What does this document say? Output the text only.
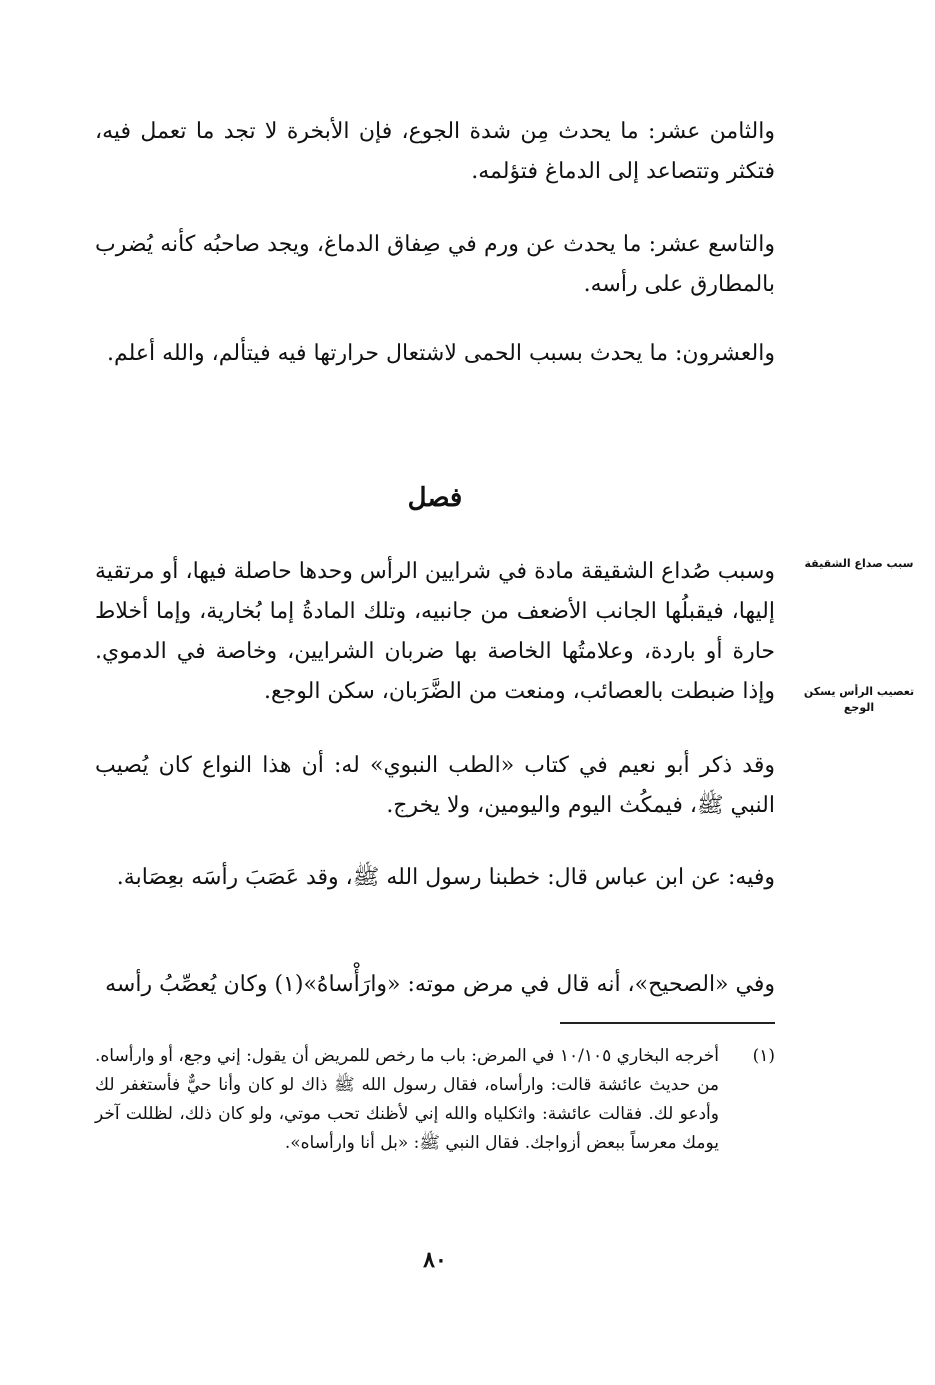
والثامن عشر: ما يحدث مِن شدة الجوع، فإن الأبخرة لا تجد ما تعمل فيه، فتكثر وتتصاعد إلى الدماغ فتؤلمه.

والتاسع عشر: ما يحدث عن ورم في صِفاق الدماغ، ويجد صاحبُه كأنه يُضرب بالمطارق على رأسه.

والعشرون: ما يحدث بسبب الحمى لاشتعال حرارتها فيه فيتألم، والله أعلم.

فصل
سبب صداع الشقيقة
تعصيب الرأس يسكن الوجع

وسبب صُداع الشقيقة مادة في شرايين الرأس وحدها حاصلة فيها، أو مرتقية إليها، فيقبلُها الجانب الأضعف من جانبيه، وتلك المادةُ إما بُخارية، وإما أخلاط حارة أو باردة، وعلامتُها الخاصة بها ضربان الشرايين، وخاصة في الدموي. وإذا ضبطت بالعصائب، ومنعت من الضَّرَبان، سكن الوجع.

وقد ذكر أبو نعيم في كتاب «الطب النبوي» له: أن هذا النواع كان يُصيب النبي ﷺ، فيمكُث اليوم واليومين، ولا يخرج.

وفيه: عن ابن عباس قال: خطبنا رسول الله ﷺ، وقد عَصَبَ رأسَه بعِصَابة.

وفي «الصحيح»، أنه قال في مرض موته: «وارَأْساهُ»(١) وكان يُعصِّبُ رأسه

(١)

أخرجه البخاري ١٠/١٠٥ في المرض: باب ما رخص للمريض أن يقول: إني وجع، أو وارأساه. من حديث عائشة قالت: وارأساه، فقال رسول الله ﷺ ذاك لو كان وأنا حيٌّ فأستغفر لك وأدعو لك. فقالت عائشة: واثكلياه والله إني لأظنك تحب موتي، ولو كان ذلك، لظللت آخر يومك معرساً ببعض أزواجك. فقال النبي ﷺ: «بل أنا وارأساه».

٨٠
